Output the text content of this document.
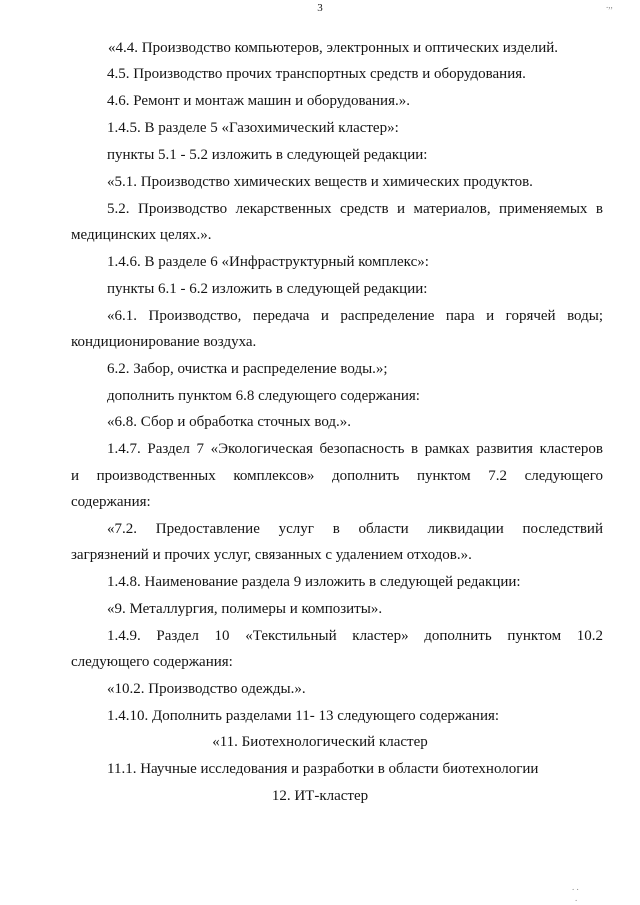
3
«4.4. Производство компьютеров, электронных и оптических изделий.
4.5. Производство прочих транспортных средств и оборудования.
4.6. Ремонт и монтаж машин и оборудования.».
1.4.5. В разделе 5 «Газохимический кластер»:
пункты 5.1 - 5.2 изложить в следующей редакции:
«5.1. Производство химических веществ и химических продуктов.
5.2. Производство лекарственных средств и материалов, применяемых в
медицинских целях.».
1.4.6. В разделе 6 «Инфраструктурный комплекс»:
пункты 6.1 - 6.2 изложить в следующей редакции:
«6.1. Производство, передача и распределение пара и горячей воды;
кондиционирование воздуха.
6.2. Забор, очистка и распределение воды.»;
дополнить пунктом 6.8 следующего содержания:
«6.8. Сбор и обработка сточных вод.».
1.4.7. Раздел 7 «Экологическая безопасность в рамках развития кластеров
и производственных комплексов» дополнить пунктом 7.2 следующего
содержания:
«7.2. Предоставление услуг в области ликвидации последствий
загрязнений и прочих услуг, связанных с удалением отходов.».
1.4.8. Наименование раздела 9 изложить в следующей редакции:
«9. Металлургия, полимеры и композиты».
1.4.9. Раздел 10 «Текстильный кластер» дополнить пунктом 10.2
следующего содержания:
«10.2. Производство одежды.».
1.4.10. Дополнить разделами 11- 13 следующего содержания:
«11. Биотехнологический кластер
11.1. Научные исследования и разработки в области биотехнологии
12. ИТ-кластер
.,,
. .
.
